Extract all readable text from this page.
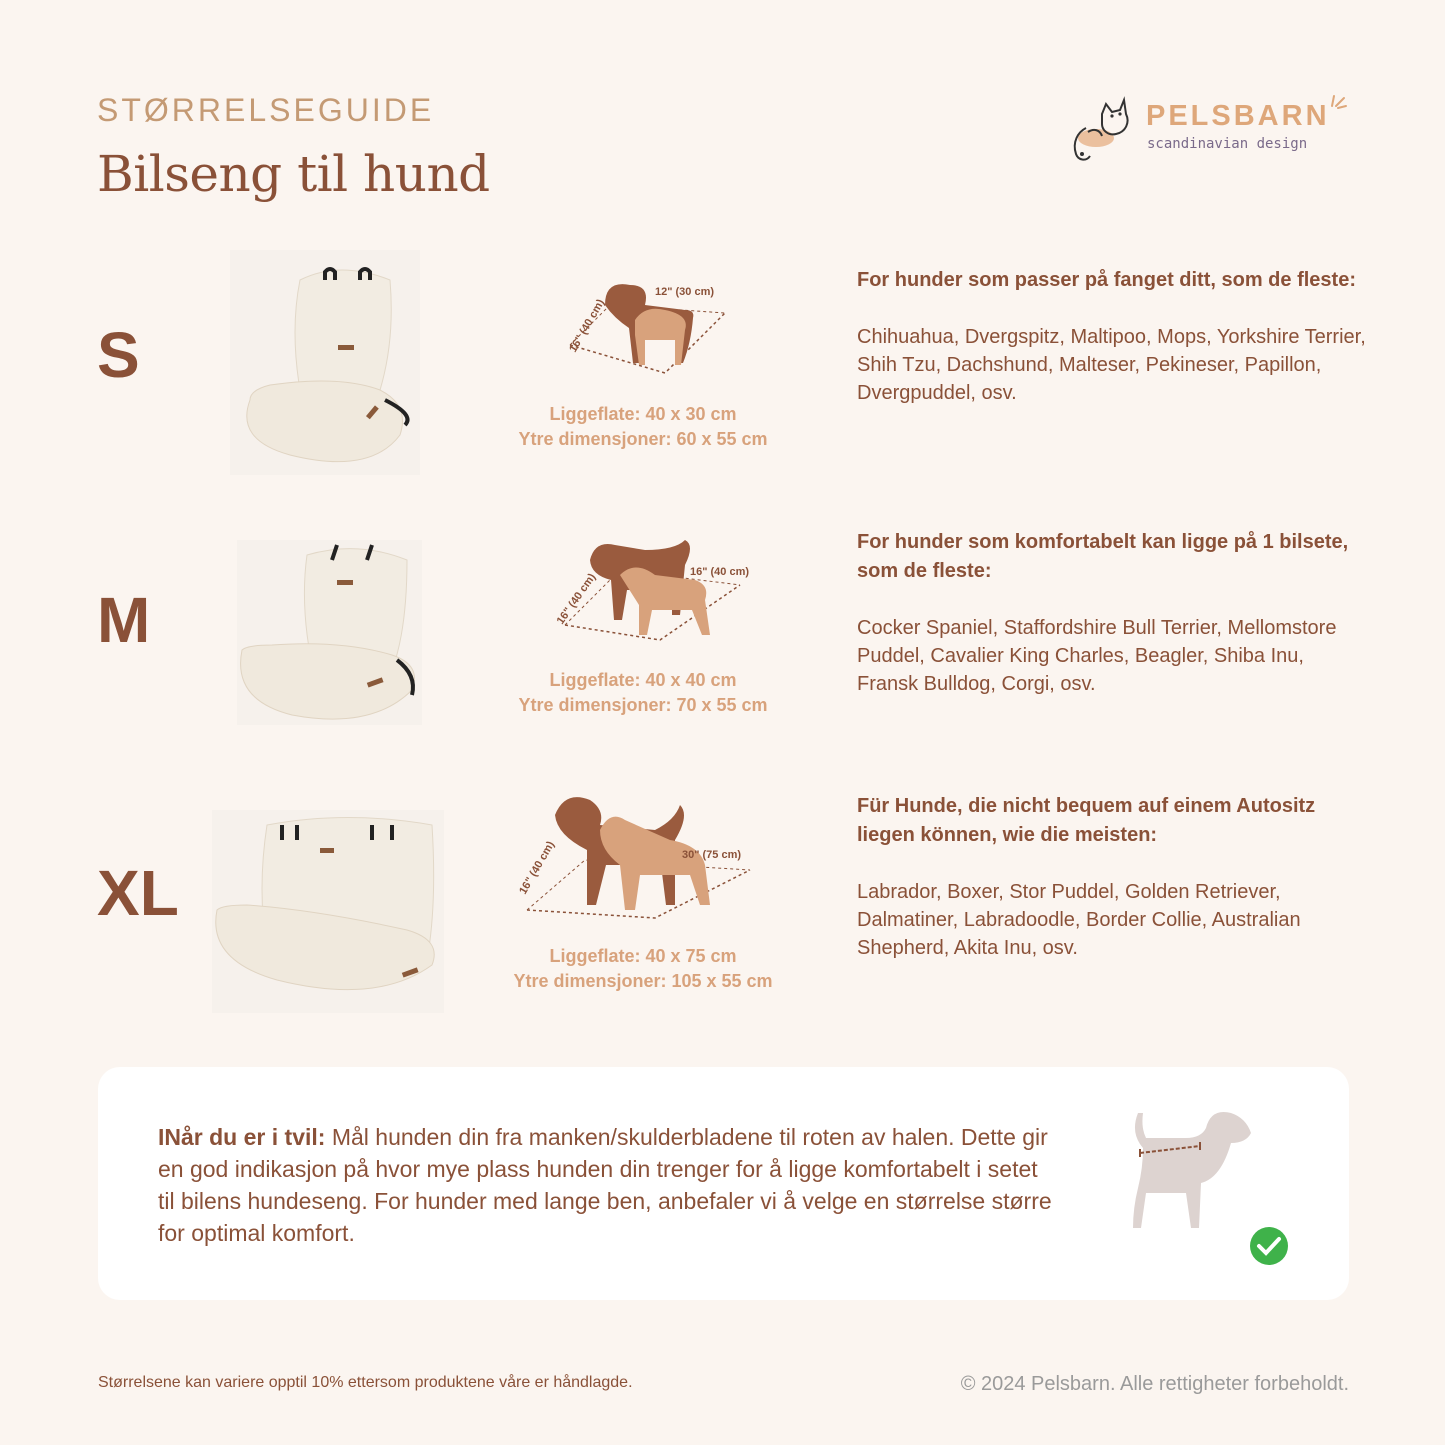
STØRRELSEGUIDE
Bilseng til hund
PELSBARN
scandinavian design
S
12" (30 cm)
16" (40 cm)
Liggeflate: 40 x 30 cm
Ytre dimensjoner: 60 x 55 cm

For hunder som passer på fanget ditt, som de fleste:

Chihuahua, Dvergspitz, Maltipoo, Mops, Yorkshire Terrier, Shih Tzu, Dachshund, Malteser, Pekineser, Papillon, Dvergpuddel, osv.

M
16" (40 cm)
16" (40 cm)
Liggeflate: 40 x 40 cm
Ytre dimensjoner: 70 x 55 cm

For hunder som komfortabelt kan ligge på 1 bilsete, som de fleste:

Cocker Spaniel, Staffordshire Bull Terrier, Mellomstore Puddel, Cavalier King Charles, Beagler, Shiba Inu, Fransk Bulldog, Corgi, osv.

XL
30" (75 cm)
16" (40 cm)
Liggeflate: 40 x 75 cm
Ytre dimensjoner: 105 x 55 cm

Für Hunde, die nicht bequem auf einem Autositz liegen können, wie die meisten:

Labrador, Boxer, Stor Puddel, Golden Retriever, Dalmatiner, Labradoodle, Border Collie, Australian Shepherd, Akita Inu, osv.

INår du er i tvil: Mål hunden din fra manken/skulderbladene til roten av halen. Dette gir en god indikasjon på hvor mye plass hunden din trenger for å ligge komfortabelt i setet til bilens hundeseng. For hunder med lange ben, anbefaler vi å velge en størrelse større for optimal komfort.
Størrelsene kan variere opptil 10% ettersom produktene våre er håndlagde.	© 2024 Pelsbarn. Alle rettigheter forbeholdt.
